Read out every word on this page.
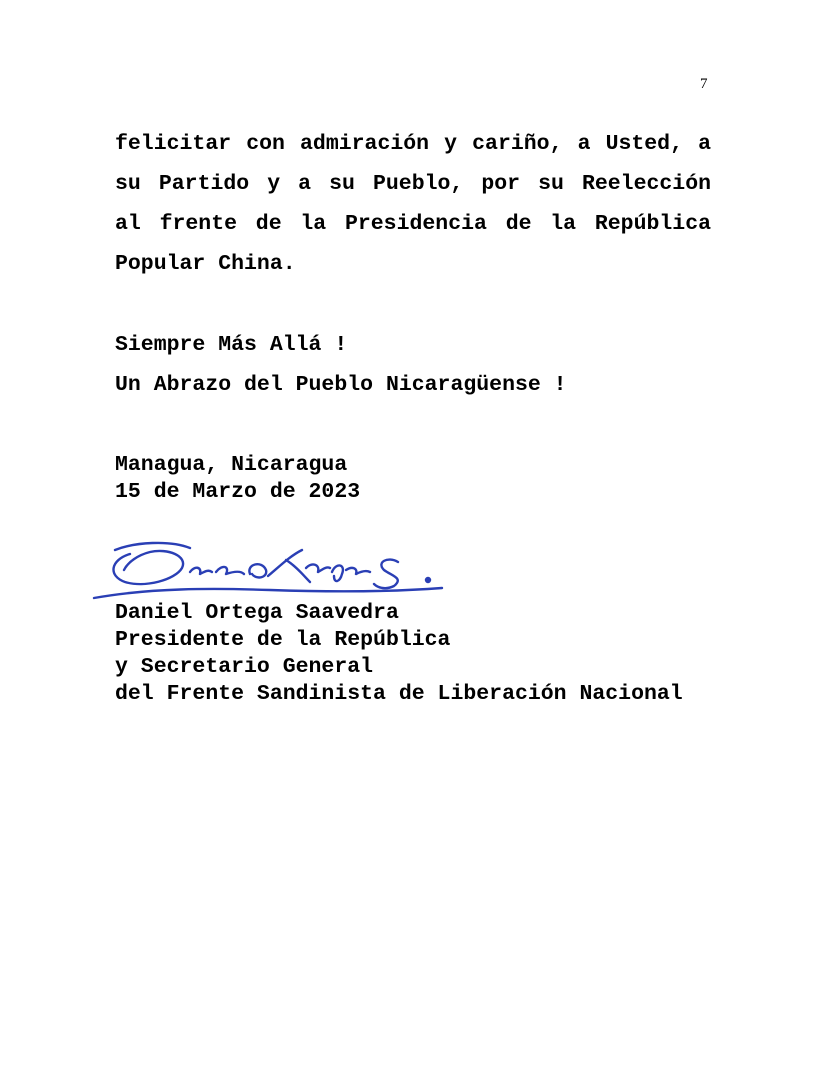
7
felicitar con admiración y cariño, a Usted, a
su Partido y a su Pueblo, por su Reelección
al frente de la Presidencia de la República
Popular China.
Siempre Más Allá !
Un Abrazo del Pueblo Nicaragüense !
Managua, Nicaragua
15 de Marzo de 2023
Daniel Ortega Saavedra
Presidente de la República
y Secretario General
del Frente Sandinista de Liberación Nacional
